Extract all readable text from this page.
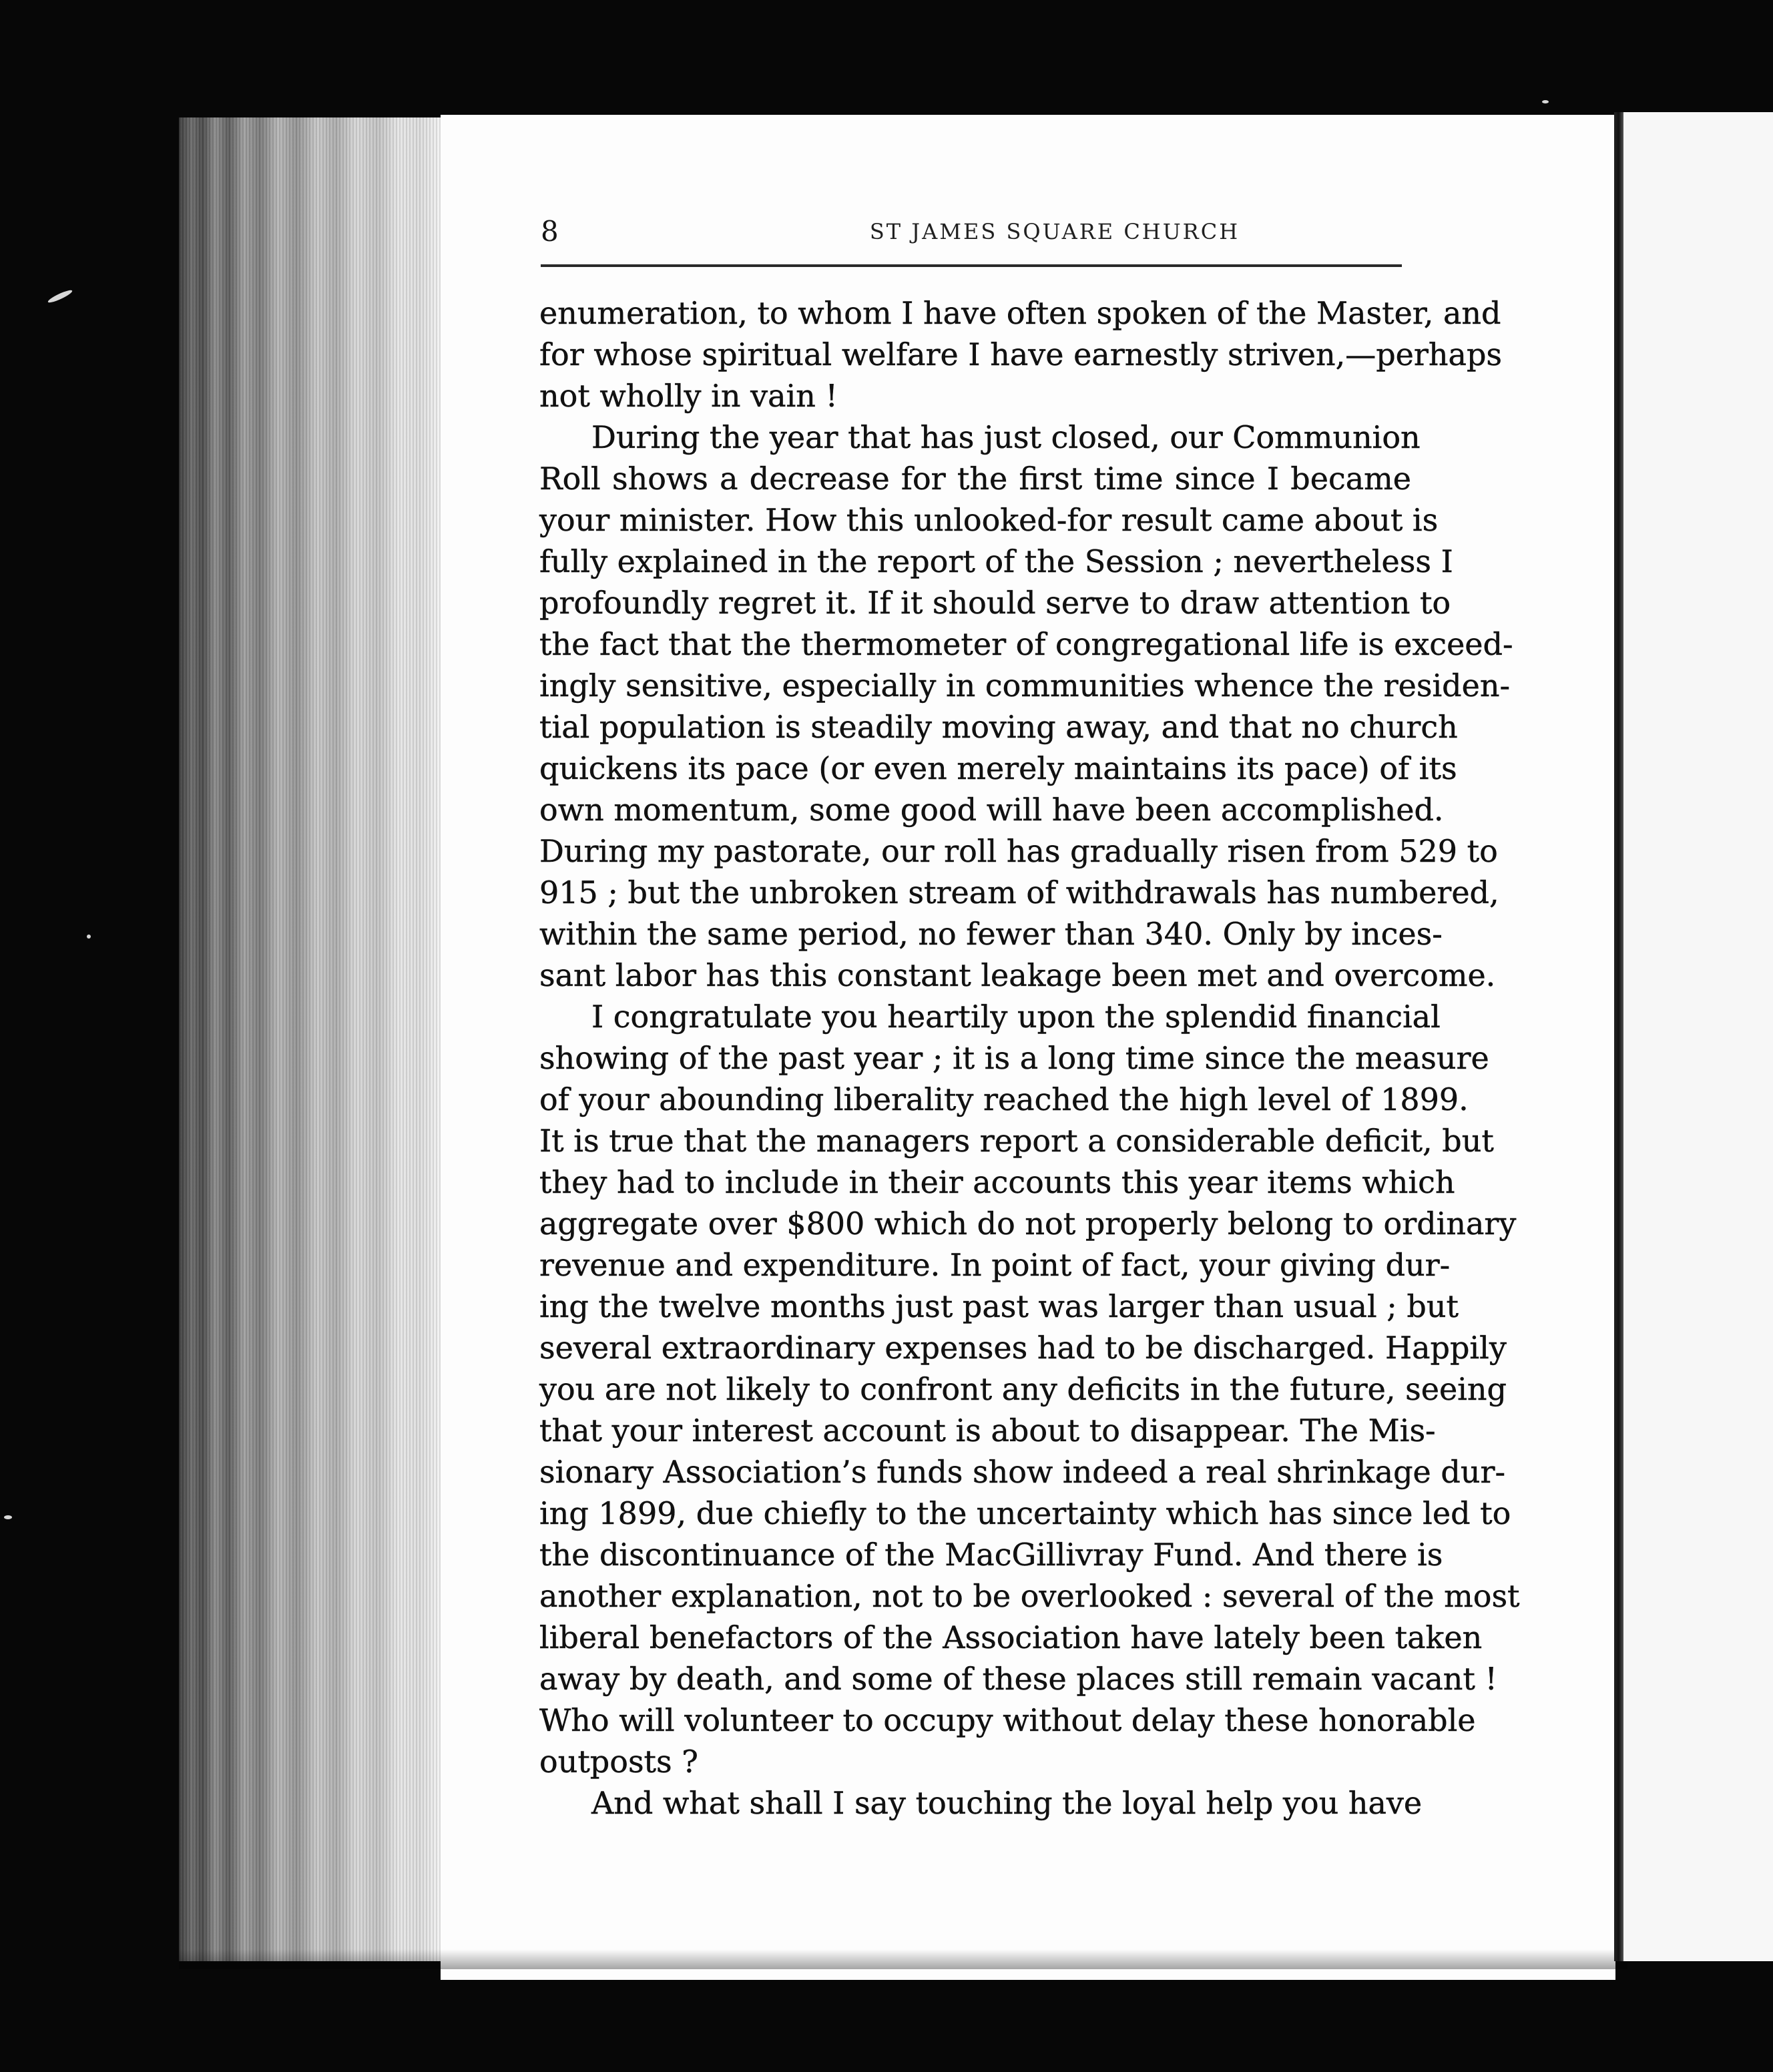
8	ST JAMES SQUARE CHURCH
enumeration, to whom I have often spoken of the Master, and
for whose spiritual welfare I have earnestly striven,—perhaps
not wholly in vain !
During the year that has just closed, our Communion
Roll shows a decrease for the first time since I became
your minister. How this unlooked-for result came about is
fully explained in the report of the Session ; nevertheless I
profoundly regret it. If it should serve to draw attention to
the fact that the thermometer of congregational life is exceed-
ingly sensitive, especially in communities whence the residen-
tial population is steadily moving away, and that no church
quickens its pace (or even merely maintains its pace) of its
own momentum, some good will have been accomplished.
During my pastorate, our roll has gradually risen from 529 to
915 ; but the unbroken stream of withdrawals has numbered,
within the same period, no fewer than 340. Only by inces-
sant labor has this constant leakage been met and overcome.
I congratulate you heartily upon the splendid financial
showing of the past year ; it is a long time since the measure
of your abounding liberality reached the high level of 1899.
It is true that the managers report a considerable deficit, but
they had to include in their accounts this year items which
aggregate over $800 which do not properly belong to ordinary
revenue and expenditure. In point of fact, your giving dur-
ing the twelve months just past was larger than usual ; but
several extraordinary expenses had to be discharged. Happily
you are not likely to confront any deficits in the future, seeing
that your interest account is about to disappear. The Mis-
sionary Association’s funds show indeed a real shrinkage dur-
ing 1899, due chiefly to the uncertainty which has since led to
the discontinuance of the MacGillivray Fund. And there is
another explanation, not to be overlooked : several of the most
liberal benefactors of the Association have lately been taken
away by death, and some of these places still remain vacant !
Who will volunteer to occupy without delay these honorable
outposts ?
And what shall I say touching the loyal help you have
